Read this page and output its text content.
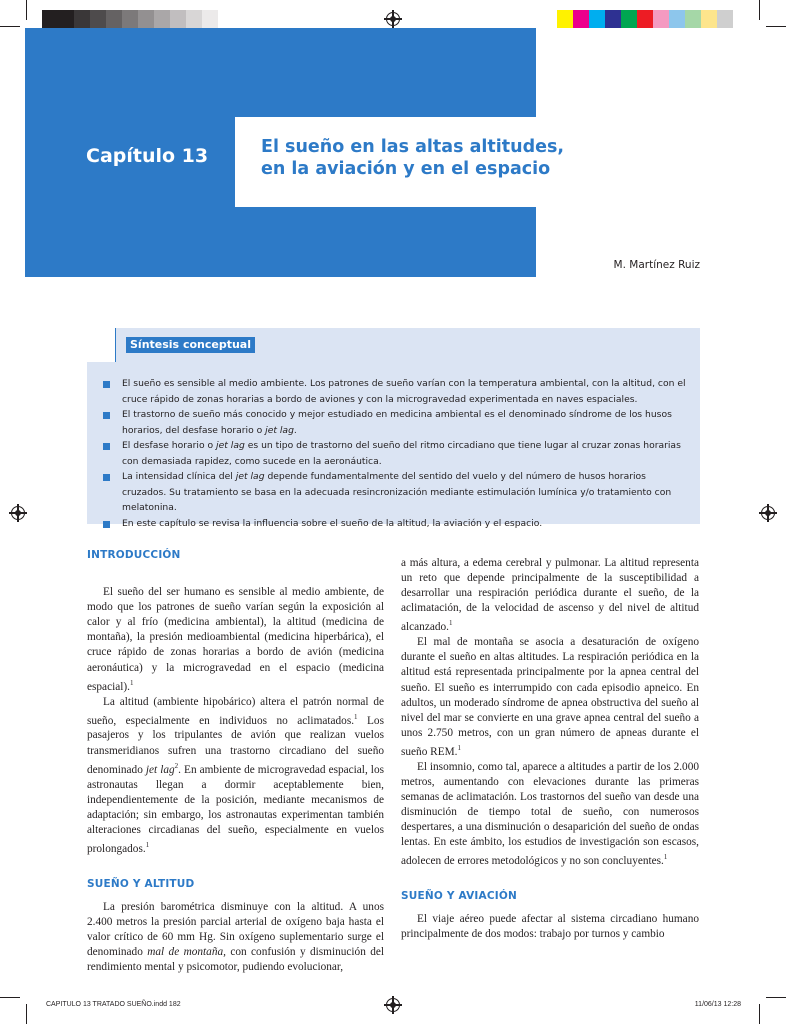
Capítulo 13	El sueño en las altas altitudes,
en la aviación y en el espacio
M. Martínez Ruiz
Síntesis conceptual
El sueño es sensible al medio ambiente. Los patrones de sueño varían con la temperatura ambiental, con la altitud, con el cruce rápido de zonas horarias a bordo de aviones y con la microgravedad experimentada en naves espaciales.
El trastorno de sueño más conocido y mejor estudiado en medicina ambiental es el denominado síndrome de los husos horarios, del desfase horario o jet lag.
El desfase horario o jet lag es un tipo de trastorno del sueño del ritmo circadiano que tiene lugar al cruzar zonas horarias con demasiada rapidez, como sucede en la aeronáutica.
La intensidad clínica del jet lag depende fundamentalmente del sentido del vuelo y del número de husos horarios cruzados. Su tratamiento se basa en la adecuada resincronización mediante estimulación lumínica y/o tratamiento con melatonina.
En este capítulo se revisa la influencia sobre el sueño de la altitud, la aviación y el espacio.
INTRODUCCIÓN

El sueño del ser humano es sensible al medio ambiente, de modo que los patrones de sueño varían según la exposición al calor y al frío (medicina ambiental), la altitud (medicina de montaña), la presión medioambiental (medicina hiperbárica), el cruce rápido de zonas horarias a bordo de avión (medicina aeronáutica) y la microgravedad en el espacio (medicina espacial).$^1$

La altitud (ambiente hipobárico) altera el patrón normal de sueño, especialmente en individuos no aclimatados.$^1$ Los pasajeros y los tripulantes de avión que realizan vuelos transmeridianos sufren una trastorno circadiano del sueño denominado jet lag$^2$. En ambiente de microgravedad espacial, los astronautas llegan a dormir aceptablemente bien, independientemente de la posición, mediante mecanismos de adaptación; sin embargo, los astronautas experimentan también alteraciones circadianas del sueño, especialmente en vuelos prolongados.$^1$

SUEÑO Y ALTITUD

La presión barométrica disminuye con la altitud. A unos 2.400 metros la presión parcial arterial de oxígeno baja hasta el valor crítico de 60 mm Hg. Sin oxígeno suplementario surge el denominado mal de montaña, con confusión y disminución del rendimiento mental y psicomotor, pudiendo evolucionar,

a más altura, a edema cerebral y pulmonar. La altitud representa un reto que depende principalmente de la susceptibilidad a desarrollar una respiración periódica durante el sueño, de la aclimatación, de la velocidad de ascenso y del nivel de altitud alcanzado.$^1$

El mal de montaña se asocia a desaturación de oxígeno durante el sueño en altas altitudes. La respiración periódica en la altitud está representada principalmente por la apnea central del sueño. El sueño es interrumpido con cada episodio apneico. En adultos, un moderado síndrome de apnea obstructiva del sueño al nivel del mar se convierte en una grave apnea central del sueño a unos 2.750 metros, con un gran número de apneas durante el sueño REM.$^1$

El insomnio, como tal, aparece a altitudes a partir de los 2.000 metros, aumentando con elevaciones durante las primeras semanas de aclimatación. Los trastornos del sueño van desde una disminución de tiempo total de sueño, con numerosos despertares, a una disminución o desaparición del sueño de ondas lentas. En este ámbito, los estudios de investigación son escasos, adolecen de errores metodológicos y no son concluyentes.$^1$

SUEÑO Y AVIACIÓN

El viaje aéreo puede afectar al sistema circadiano humano principalmente de dos modos: trabajo por turnos y cambio

CAPITULO 13 TRATADO SUEÑO.indd 182	11/06/13 12:28
